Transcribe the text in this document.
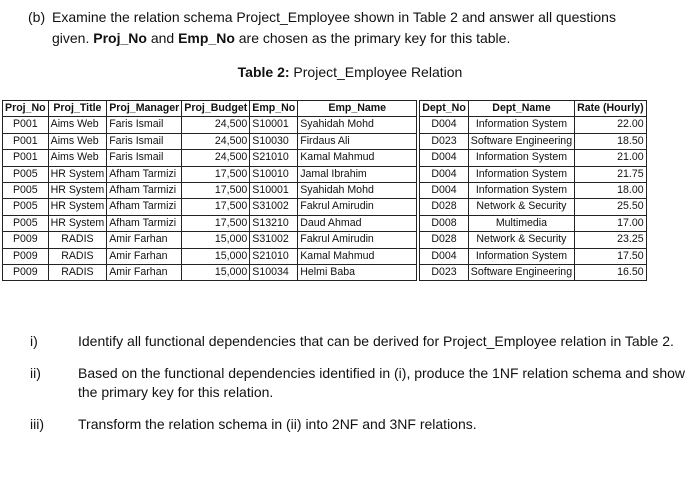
(b) Examine the relation schema Project_Employee shown in Table 2 and answer all questions
given. Proj_No and Emp_No are chosen as the primary key for this table.
Table 2: Project_Employee Relation
Proj_No	Proj_Title	Proj_Manager	Proj_Budget	Emp_No	Emp_Name		Dept_No	Dept_Name	Rate (Hourly)
P001	Aims Web	Faris Ismail	24,500	S10001	Syahidah Mohd		D004	Information System	22.00
P001	Aims Web	Faris Ismail	24,500	S10030	Firdaus Ali		D023	Software Engineering	18.50
P001	Aims Web	Faris Ismail	24,500	S21010	Kamal Mahmud		D004	Information System	21.00
P005	HR System	Afham Tarmizi	17,500	S10010	Jamal Ibrahim		D004	Information System	21.75
P005	HR System	Afham Tarmizi	17,500	S10001	Syahidah Mohd		D004	Information System	18.00
P005	HR System	Afham Tarmizi	17,500	S31002	Fakrul Amirudin		D028	Network & Security	25.50
P005	HR System	Afham Tarmizi	17,500	S13210	Daud Ahmad		D008	Multimedia	17.00
P009	RADIS	Amir Farhan	15,000	S31002	Fakrul Amirudin		D028	Network & Security	23.25
P009	RADIS	Amir Farhan	15,000	S21010	Kamal Mahmud		D004	Information System	17.50
P009	RADIS	Amir Farhan	15,000	S10034	Helmi Baba		D023	Software Engineering	16.50
i)	Identify all functional dependencies that can be derived for Project_Employee relation in Table 2.
ii)	Based on the functional dependencies identified in (i), produce the 1NF relation schema and show the primary key for this relation.
iii)	Transform the relation schema in (ii) into 2NF and 3NF relations.
